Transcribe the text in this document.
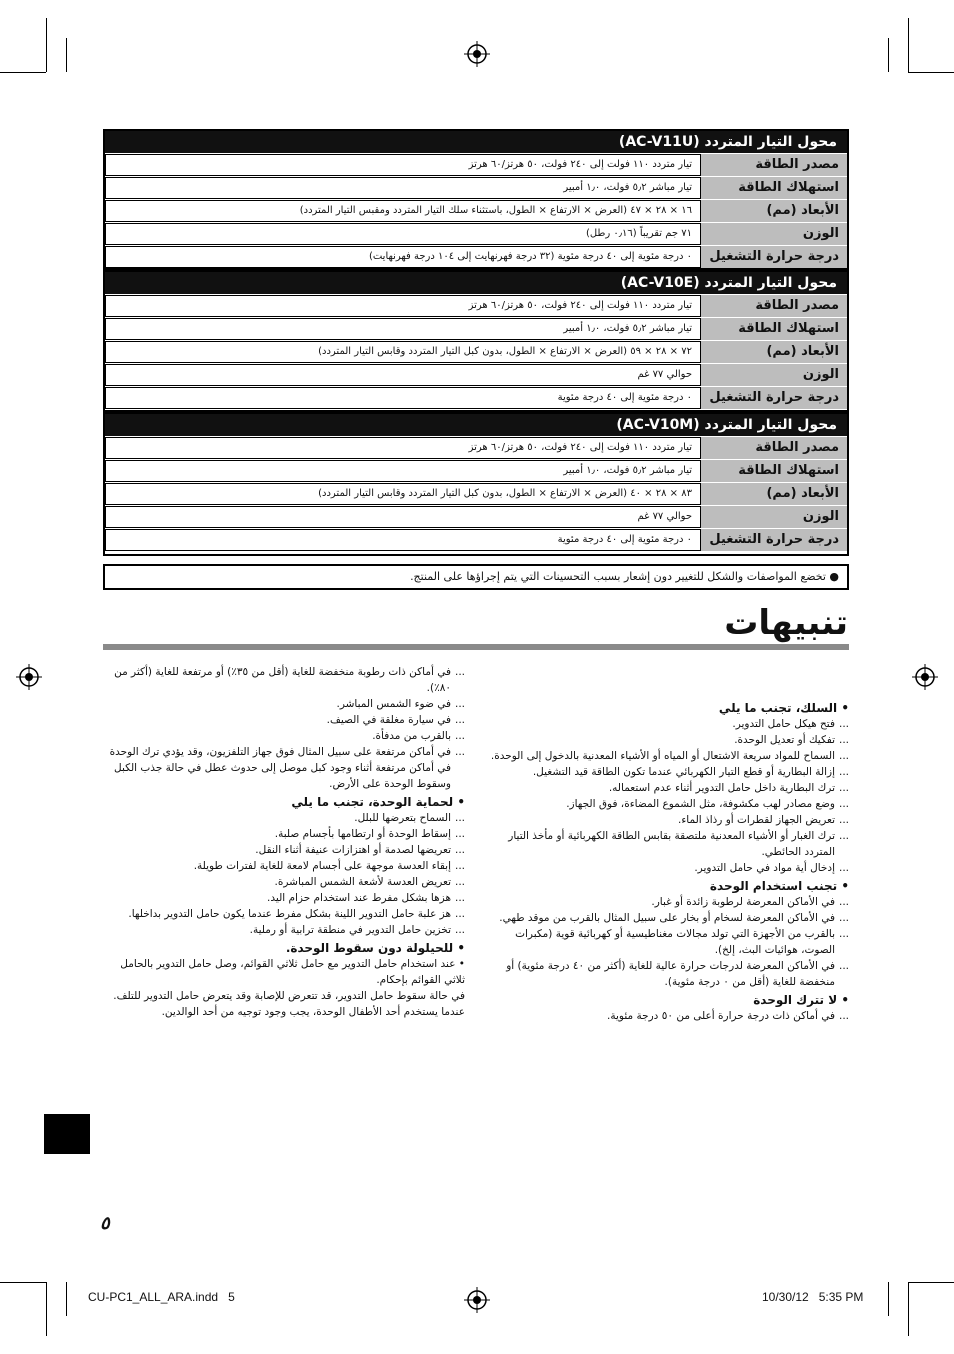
محول التيار المتردد (AC-V11U)
مصدر الطاقة
تيار متردد ١١٠ فولت إلى ٢٤٠ فولت، ٥٠ هرتز/٦٠ هرتز
استهلاك الطاقة
تيار مباشر ٥٫٢ فولت، ١٫٠ أمبير
الأبعاد (مم)
١٦ × ٢٨ × ٤٧ (العرض × الارتفاع × الطول، باستثناء سلك التيار المتردد ومقبس التيار المتردد)
الوزن
٧١ جم تقريباً (٠٫١٦ رطل)
درجة حرارة التشغيل
٠ درجة مئوية إلى ٤٠ درجة مئوية (٣٢ درجة فهرنهايت إلى ١٠٤ درجة فهرنهايت)
محول التيار المتردد (AC-V10E)
مصدر الطاقة
تيار متردد ١١٠ فولت إلى ٢٤٠ فولت، ٥٠ هرتز/٦٠ هرتز
استهلاك الطاقة
تيار مباشر ٥٫٢ فولت، ١٫٠ أمبير
الأبعاد (مم)
٧٢ × ٢٨ × ٥٩ (العرض × الارتفاع × الطول، بدون كبل التيار المتردد وقابس التيار المتردد)
الوزن
حوالي ٧٧ غم
درجة حرارة التشغيل
٠ درجة مئوية إلى ٤٠ درجة مئوية
محول التيار المتردد (AC-V10M)
مصدر الطاقة
تيار متردد ١١٠ فولت إلى ٢٤٠ فولت، ٥٠ هرتز/٦٠ هرتز
استهلاك الطاقة
تيار مباشر ٥٫٢ فولت، ١٫٠ أمبير
الأبعاد (مم)
٨٣ × ٢٨ × ٤٠ (العرض × الارتفاع × الطول، بدون كبل التيار المتردد وقابس التيار المتردد)
الوزن
حوالي ٧٧ غم
درجة حرارة التشغيل
٠ درجة مئوية إلى ٤٠ درجة مئوية
● تخضع المواصفات والشكل للتغيير دون إشعار بسبب التحسينات التي يتم إجراؤها على المنتج.
تنبيهات
• السلك، تجنب ما يلي
... فتح هيكل حامل التدوير.
... تفكيك أو تعديل الوحدة.
... السماح للمواد سريعة الاشتعال أو المياه أو الأشياء المعدنية بالدخول إلى الوحدة.
... إزالة البطارية أو قطع التيار الكهربائي عندما تكون الطاقة قيد التشغيل.
... ترك البطارية داخل حامل التدوير أثناء عدم استعماله.
... وضع مصادر لهب مكشوفة، مثل الشموع المضاءة، فوق الجهاز.
... تعريض الجهاز لقطرات أو رذاذ الماء.
... ترك الغبار أو الأشياء المعدنية ملتصقة بقابس الطاقة الكهربائية أو مأخذ التيار المتردد الحائطي.
... إدخال أية مواد في حامل التدوير.
• تجنب استخدام الوحدة
... في الأماكن المعرضة لرطوبة زائدة أو غبار.
... في الأماكن المعرضة لسخام أو بخار على سبيل المثال بالقرب من موقد طهي.
... بالقرب من الأجهزة التي تولد مجالات مغناطيسية أو كهربائية قوية (مكبرات الصوت، هوائيات البث، إلخ).
... في الأماكن المعرضة لدرجات حرارة عالية للغاية (أكثر من ٤٠ درجة مئوية) أو منخفضة للغاية (أقل من ٠ درجة مئوية).
• لا تترك الوحدة
... في أماكن ذات درجة حرارة أعلى من ٥٠ درجة مئوية.
... في أماكن ذات رطوبة منخفضة للغاية (أقل من ٣٥٪) أو مرتفعة للغاية (أكثر من ٨٠٪).
... في ضوء الشمس المباشر.
... في سيارة مغلقة في الصيف.
... بالقرب من مدفأة.
... في أماكن مرتفعة على سبيل المثال فوق جهاز التلفزيون، وقد يؤدي ترك الوحدة في أماكن مرتفعة أثناء وجود كبل موصل إلى حدوث عطل في حالة جذب الكبل وسقوط الوحدة على الأرض.
• لحماية الوحدة، تجنب ما يلي
... السماح بتعرضها للبلل.
... إسقاط الوحدة أو ارتطامها بأجسام صلبة.
... تعريضها لصدمة أو اهتزازات عنيفة أثناء النقل.
... إبقاء العدسة موجهة على أجسام لامعة للغاية لفترات طويلة.
... تعريض العدسة لأشعة الشمس المباشرة.
... هزها بشكل مفرط عند استخدام حزام اليد.
... هز علبة حامل التدوير اللينة بشكل مفرط عندما يكون حامل التدوير بداخلها.
... تخزين حامل التدوير في منطقة ترابية أو رملية.
• للحيلولة دون سقوط الوحدة.
• عند استخدام حامل التدوير مع حامل ثلاثي القوائم، وصل حامل التدوير بالحامل ثلاثي القوائم بإحكام.
في حالة سقوط حامل التدوير، قد تتعرض للإصابة وقد يتعرض حامل التدوير للتلف.
عندما يستخدم أحد الأطفال الوحدة، يجب وجود توجيه من أحد الوالدين.
٥
CU-PC1_ALL_ARA.indd   5	10/30/12   5:35 PM
